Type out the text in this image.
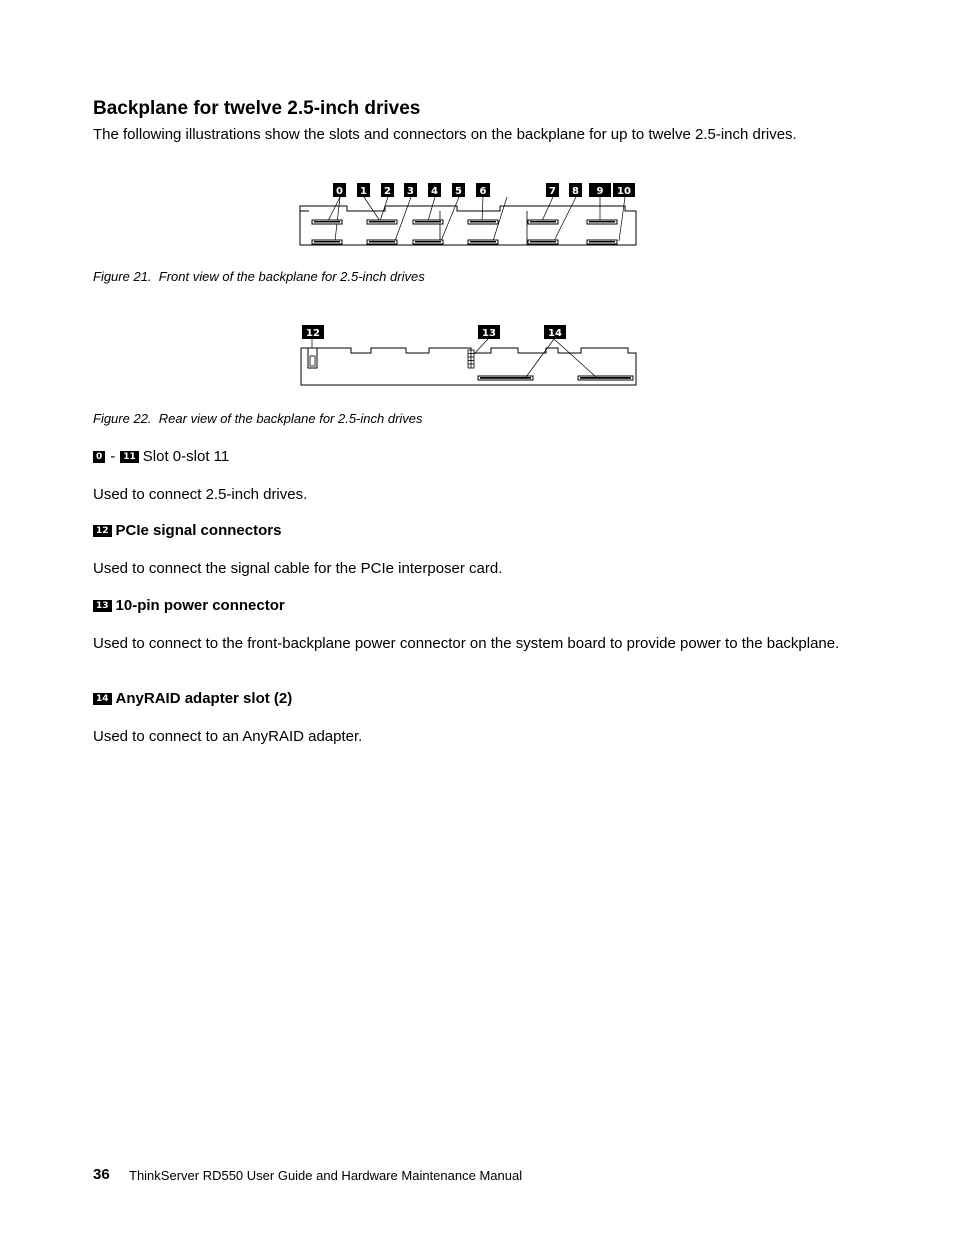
Backplane for twelve 2.5-inch drives
The following illustrations show the slots and connectors on the backplane for up to twelve 2.5-inch drives.
0 1 2 3 4 5 6	7 8 9 10
Figure 21. Front view of the backplane for 2.5-inch drives
12	13	14
Figure 22. Rear view of the backplane for 2.5-inch drives
0 - 11 Slot 0-slot 11
Used to connect 2.5-inch drives.
12 PCIe signal connectors
Used to connect the signal cable for the PCIe interposer card.
13 10-pin power connector
Used to connect to the front-backplane power connector on the system board to provide power to the backplane.
14 AnyRAID adapter slot (2)
Used to connect to an AnyRAID adapter.
36 ThinkServer RD550 User Guide and Hardware Maintenance Manual
